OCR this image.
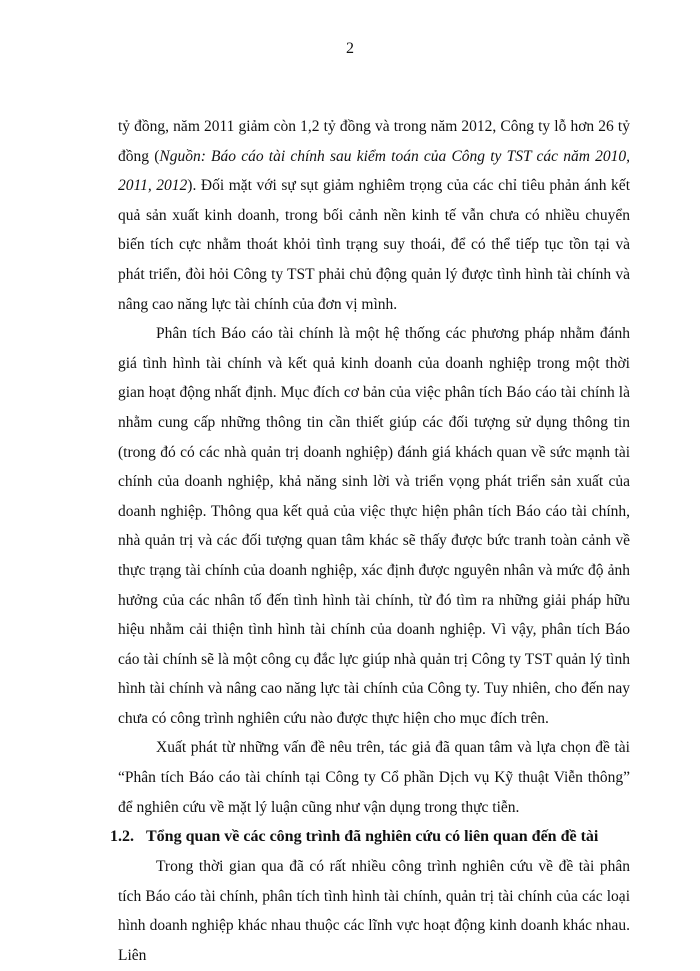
2

tỷ đồng, năm 2011 giảm còn 1,2 tỷ đồng và trong năm 2012, Công ty lỗ hơn 26 tỷ đồng (Nguồn: Báo cáo tài chính sau kiểm toán của Công ty TST các năm 2010, 2011, 2012). Đối mặt với sự sụt giảm nghiêm trọng của các chỉ tiêu phản ánh kết quả sản xuất kinh doanh, trong bối cảnh nền kinh tế vẫn chưa có nhiều chuyển biến tích cực nhằm thoát khỏi tình trạng suy thoái, để có thể tiếp tục tồn tại và phát triển, đòi hỏi Công ty TST phải chủ động quản lý được tình hình tài chính và nâng cao năng lực tài chính của đơn vị mình.

Phân tích Báo cáo tài chính là một hệ thống các phương pháp nhằm đánh giá tình hình tài chính và kết quả kinh doanh của doanh nghiệp trong một thời gian hoạt động nhất định. Mục đích cơ bản của việc phân tích Báo cáo tài chính là nhằm cung cấp những thông tin cần thiết giúp các đối tượng sử dụng thông tin (trong đó có các nhà quản trị doanh nghiệp) đánh giá khách quan về sức mạnh tài chính của doanh nghiệp, khả năng sinh lời và triển vọng phát triển sản xuất của doanh nghiệp. Thông qua kết quả của việc thực hiện phân tích Báo cáo tài chính, nhà quản trị và các đối tượng quan tâm khác sẽ thấy được bức tranh toàn cảnh về thực trạng tài chính của doanh nghiệp, xác định được nguyên nhân và mức độ ảnh hưởng của các nhân tố đến tình hình tài chính, từ đó tìm ra những giải pháp hữu hiệu nhằm cải thiện tình hình tài chính của doanh nghiệp. Vì vậy, phân tích Báo cáo tài chính sẽ là một công cụ đắc lực giúp nhà quản trị Công ty TST quản lý tình hình tài chính và nâng cao năng lực tài chính của Công ty. Tuy nhiên, cho đến nay chưa có công trình nghiên cứu nào được thực hiện cho mục đích trên.

Xuất phát từ những vấn đề nêu trên, tác giả đã quan tâm và lựa chọn đề tài “Phân tích Báo cáo tài chính tại Công ty Cổ phần Dịch vụ Kỹ thuật Viễn thông” để nghiên cứu về mặt lý luận cũng như vận dụng trong thực tiễn.

1.2. Tổng quan về các công trình đã nghiên cứu có liên quan đến đề tài

Trong thời gian qua đã có rất nhiều công trình nghiên cứu về đề tài phân tích Báo cáo tài chính, phân tích tình hình tài chính, quản trị tài chính của các loại hình doanh nghiệp khác nhau thuộc các lĩnh vực hoạt động kinh doanh khác nhau. Liên
